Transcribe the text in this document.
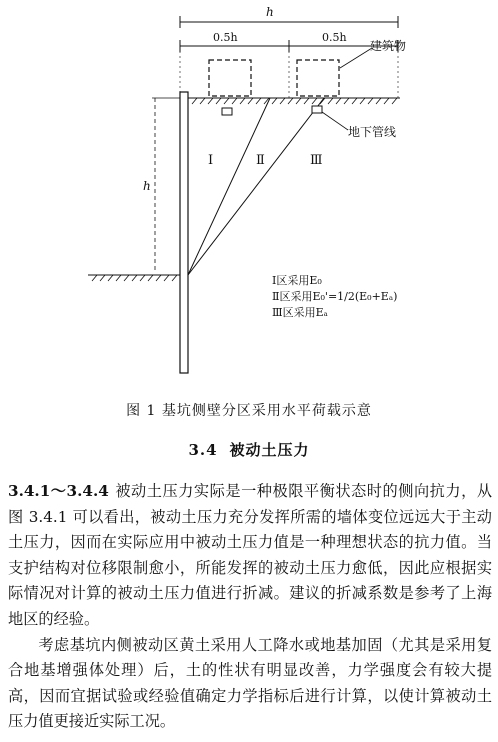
h
0.5h	0.5h
建筑物
h
地下管线
Ⅰ	Ⅱ	Ⅲ
Ⅰ区采用E₀
Ⅱ区采用E₀'=1/2(E₀+Eₐ)
Ⅲ区采用Eₐ
图 1 基坑侧壁分区采用水平荷载示意
3.4 被动土压力

3.4.1～3.4.4 被动土压力实际是一种极限平衡状态时的侧向抗力，从图 3.4.1 可以看出，被动土压力充分发挥所需的墙体变位远远大于主动土压力，因而在实际应用中被动土压力值是一种理想状态的抗力值。当支护结构对位移限制愈小，所能发挥的被动土压力愈低，因此应根据实际情况对计算的被动土压力值进行折减。建议的折减系数是参考了上海地区的经验。

考虑基坑内侧被动区黄土采用人工降水或地基加固（尤其是采用复合地基增强体处理）后，土的性状有明显改善，力学强度会有较大提高，因而宜据试验或经验值确定力学指标后进行计算，以使计算被动土压力值更接近实际工况。
